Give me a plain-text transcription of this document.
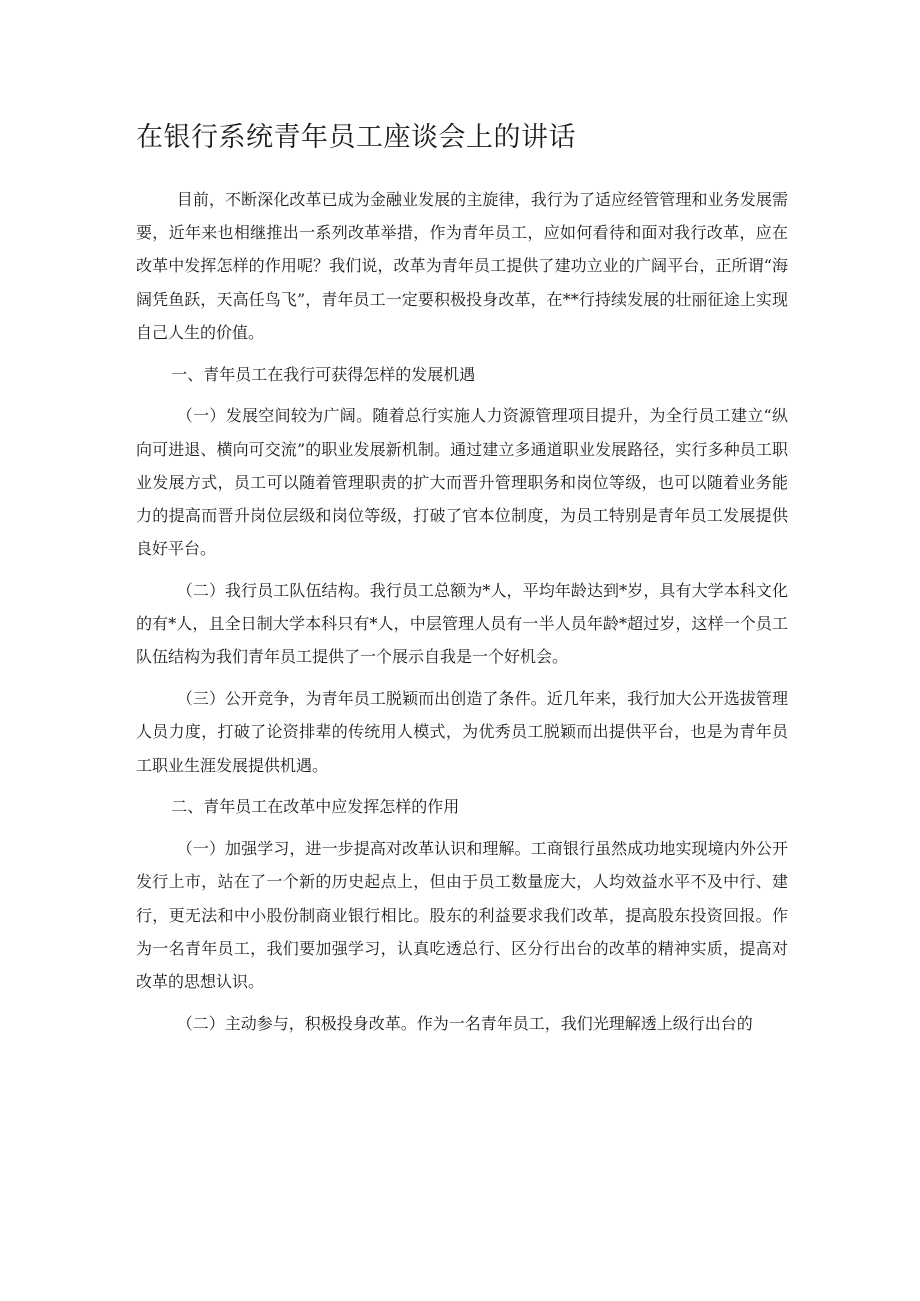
在银行系统青年员工座谈会上的讲话

目前，不断深化改革已成为金融业发展的主旋律，我行为了适应经管管理和业务发展需要，近年来也相继推出一系列改革举措，作为青年员工，应如何看待和面对我行改革，应在改革中发挥怎样的作用呢？我们说，改革为青年员工提供了建功立业的广阔平台，正所谓“海阔凭鱼跃，天高任鸟飞”，青年员工一定要积极投身改革，在**行持续发展的壮丽征途上实现自己人生的价值。

一、青年员工在我行可获得怎样的发展机遇

（一）发展空间较为广阔。随着总行实施人力资源管理项目提升，为全行员工建立“纵向可进退、横向可交流”的职业发展新机制。通过建立多通道职业发展路径，实行多种员工职业发展方式，员工可以随着管理职责的扩大而晋升管理职务和岗位等级，也可以随着业务能力的提高而晋升岗位层级和岗位等级，打破了官本位制度，为员工特别是青年员工发展提供良好平台。

（二）我行员工队伍结构。我行员工总额为*人，平均年龄达到*岁，具有大学本科文化的有*人，且全日制大学本科只有*人，中层管理人员有一半人员年龄*超过岁，这样一个员工队伍结构为我们青年员工提供了一个展示自我是一个好机会。

（三）公开竞争，为青年员工脱颖而出创造了条件。近几年来，我行加大公开选拔管理人员力度，打破了论资排辈的传统用人模式，为优秀员工脱颖而出提供平台，也是为青年员工职业生涯发展提供机遇。

二、青年员工在改革中应发挥怎样的作用

（一）加强学习，进一步提高对改革认识和理解。工商银行虽然成功地实现境内外公开发行上市，站在了一个新的历史起点上，但由于员工数量庞大，人均效益水平不及中行、建行，更无法和中小股份制商业银行相比。股东的利益要求我们改革，提高股东投资回报。作为一名青年员工，我们要加强学习，认真吃透总行、区分行出台的改革的精神实质，提高对改革的思想认识。

（二）主动参与，积极投身改革。作为一名青年员工，我们光理解透上级行出台的
